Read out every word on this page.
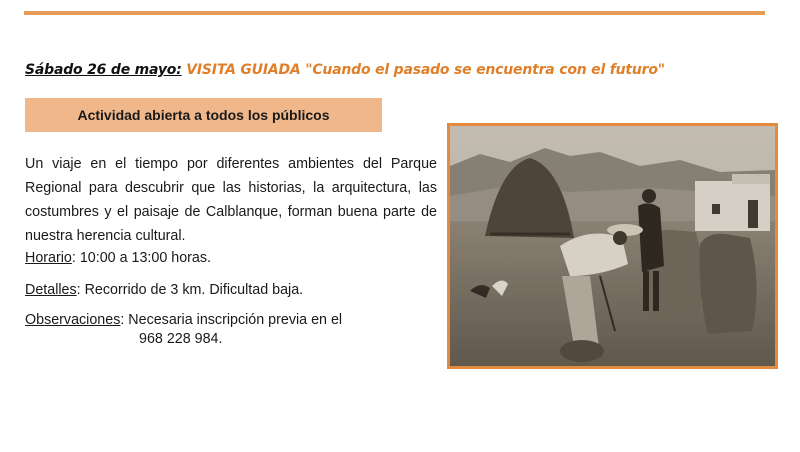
Sábado 26 de mayo: VISITA GUIADA "Cuando el pasado se encuentra con el futuro"
Actividad abierta a todos los públicos
Un viaje en el tiempo por diferentes ambientes del Parque Regional para descubrir que las historias, la arquitectura, las costumbres y el paisaje de Calblanque, forman buena parte de nuestra herencia cultural.
Horario: 10:00 a 13:00 horas.
Detalles: Recorrido de 3 km. Dificultad baja.
Observaciones: Necesaria inscripción previa en el
968 228 984.
